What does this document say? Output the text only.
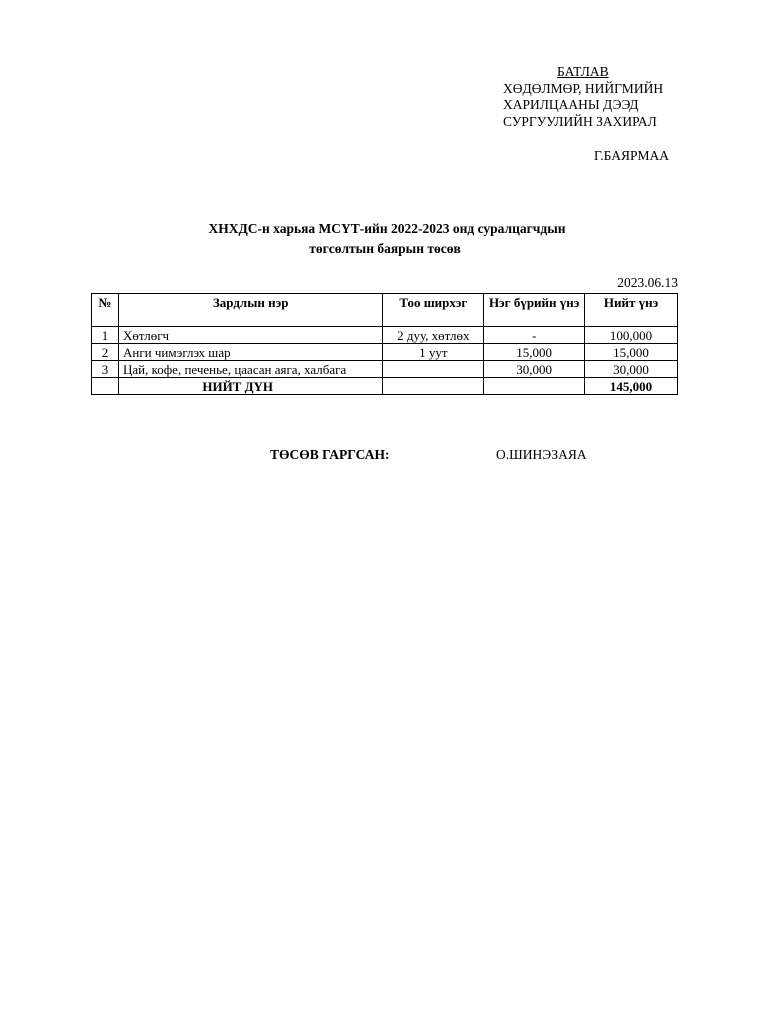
БАТЛАВ
ХӨДӨЛМӨР, НИЙГМИЙН
ХАРИЛЦААНЫ ДЭЭД
СУРГУУЛИЙН ЗАХИРАЛ
Г.БАЯРМАА
ХНХДС-н харьяа МСҮТ-ийн 2022-2023 онд суралцагчдын
төгсөлтын баярын төсөв
2023.06.13
№	Зардлын нэр	Тоо ширхэг	Нэг бүрийн үнэ	Нийт үнэ
1	Хөтлөгч	2 дуу, хөтлөх	-	100,000
2	Анги чимэглэх шар	1 уут	15,000	15,000
3	Цай, кофе, печенье, цаасан аяга, халбага		30,000	30,000
	НИЙТ ДҮН			145,000
ТӨСӨВ ГАРГСАН:	О.ШИНЭЗАЯА
